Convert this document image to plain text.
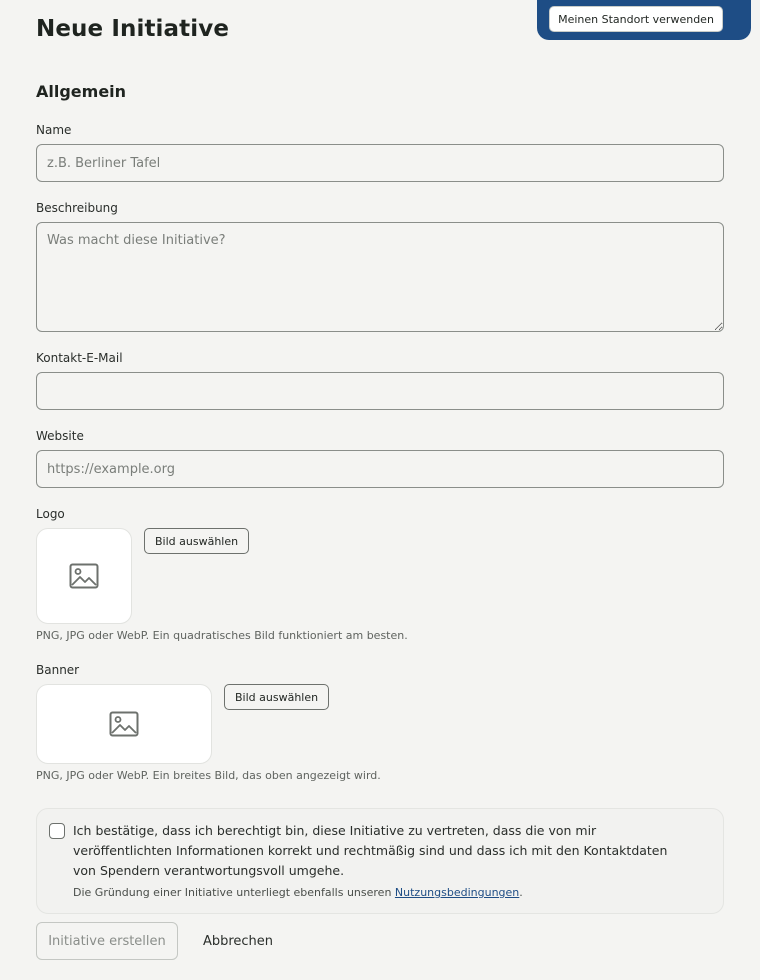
Meinen Standort verwenden
Neue Initiative
Allgemein
Name
z.B. Berliner Tafel
Beschreibung
Was macht diese Initiative?
Kontakt-E-Mail
Website
https://example.org
Logo
Bild auswählen
PNG, JPG oder WebP. Ein quadratisches Bild funktioniert am besten.
Banner
Bild auswählen
PNG, JPG oder WebP. Ein breites Bild, das oben angezeigt wird.
Ich bestätige, dass ich berechtigt bin, diese Initiative zu vertreten, dass die von mir veröffentlichten Informationen korrekt und rechtmäßig sind und dass ich mit den Kontaktdaten von Spendern verantwortungsvoll umgehe.
Die Gründung einer Initiative unterliegt ebenfalls unseren Nutzungsbedingungen.
Initiative erstellen	Abbrechen
